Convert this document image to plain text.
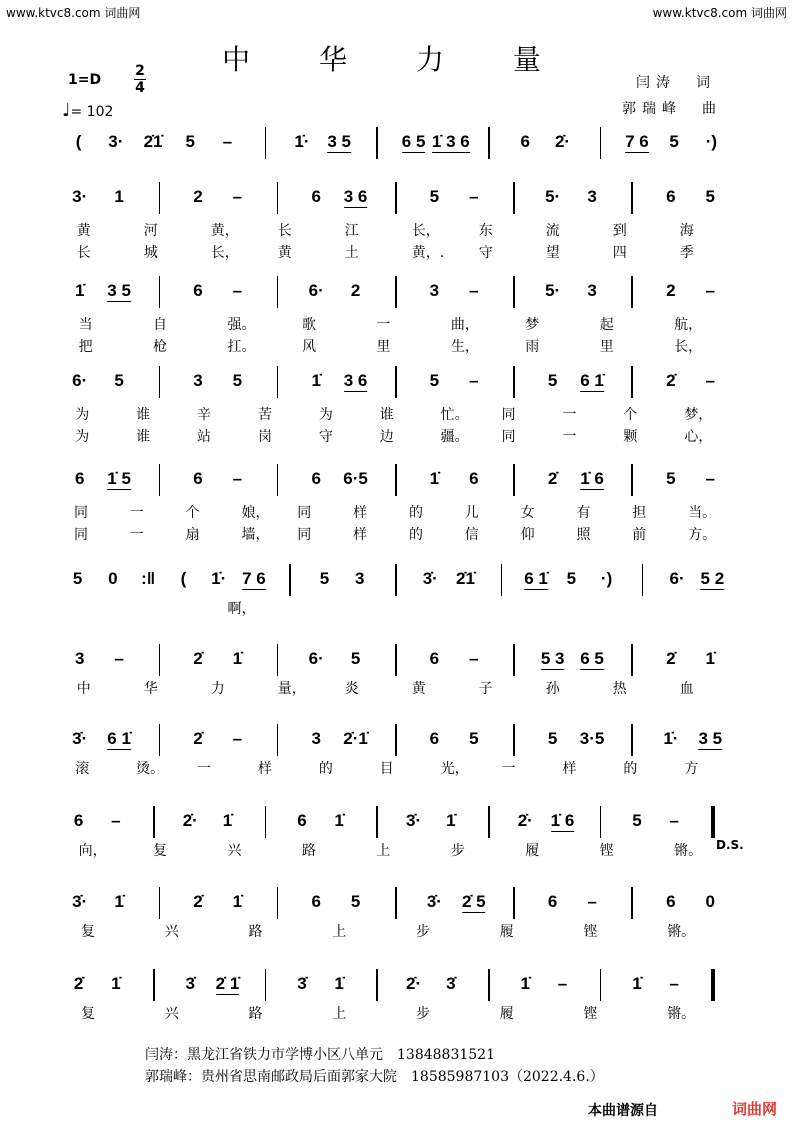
www.ktvc8.com 词曲网	www.ktvc8.com 词曲网
中 华 力 量
1=D
2
4
♩= 102
闫涛　词
郭瑞峰　曲
( 3· 2̇1̇ 5 –	1̇· 3 5	6 5 1̇ 3 6	6 2̇·	7 6 5 ·)
3· 1	2 –	6 3 6	5 –	5· 3	6 5
黄	河	黄，	长	江	长，	东	流	到	海
长	城	长，	黄	土	黄，. 守	望	四	季
1̇ 3 5	6 –	6· 2	3 –	5· 3	2 –
当	自	强。	歌	一	曲，	梦	起	航，
把	枪	扛。	风	里	生，	雨	里	长，
6· 5	3 5	1̇ 3 6	5 –	5 6 1̇	2̇ –
为	谁	辛	苦	为	谁	忙。 同	一	个	梦，
为	谁	站	岗	守	边	疆。 同	一	颗	心，
6 1̇ 5	6 –	6 6·5	1̇ 6	2̇ 1̇ 6	5 –
同	一	个	娘， 同	样	的	儿	女	有	担	当。
同	一	扇	墙， 同	样	的	信	仰	照	前	方。
5 0 :‖ ( 1̇· 7 6	5 3	3̇· 2̇1̇	6 1̇ 5 ·)	6· 5 2
啊，
3 –	2̇ 1̇	6· 5	6 –	5 3 6 5	2̇ 1̇
中	华	力	量，	炎	黄	子	孙	热	血
3̇· 6 1̇	2̇ –	3 2̇·1̇	6 5	5 3·5	1̇· 3 5
滚	烫。 一	样	的	目	光， 一	样	的	方
6 –	2̇· 1̇	6 1̇	3̇· 1̇	2̇· 1̇ 6	5 –
向，	复	兴	路	上	步	履	铿	锵。 D.S.
3̇· 1̇	2̇ 1̇	6 5	3̇· 2̇ 5	6 –	6 0
复	兴	路	上	步	履	铿	锵。
2̇ 1̇	3̇ 2̇ 1̇	3̇ 1̇	2̇· 3̇	1̇ –	1̇ –
复	兴	路	上	步	履	铿	锵。
闫涛：黑龙江省铁力市学博小区八单元　13848831521
郭瑞峰：贵州省思南邮政局后面郭家大院　18585987103（2022.4.6.）
本曲谱源自	词曲网
